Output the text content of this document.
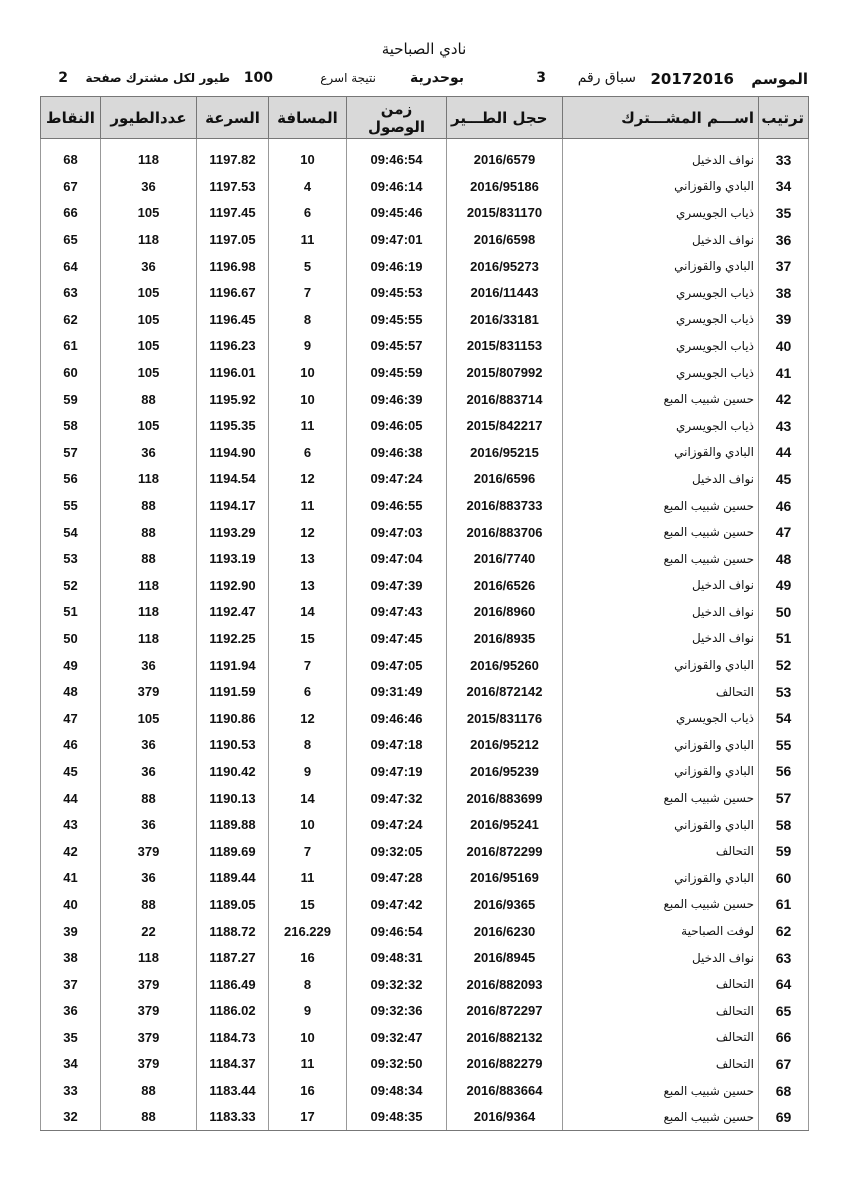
نادي الصباحية
الموسم
20172016
سباق رقم
3
بوحدرية
نتيجة اسرع
100
طيور لكل مشترك صفحة
2
ترتيب	اســـم المشـــترك	حجل الطـــير	زمن الوصول	المسافة	السرعة	عددالطيور	النقاط

33	نواف الدخيل	2016/6579	09:46:54	10	1197.82	118	68
34	البادي والقوزاني	2016/95186	09:46:14	4	1197.53	36	67
35	ذياب الجويسري	2015/831170	09:45:46	6	1197.45	105	66
36	نواف الدخيل	2016/6598	09:47:01	11	1197.05	118	65
37	البادي والقوزاني	2016/95273	09:46:19	5	1196.98	36	64
38	ذياب الجويسري	2016/11443	09:45:53	7	1196.67	105	63
39	ذياب الجويسري	2016/33181	09:45:55	8	1196.45	105	62
40	ذياب الجويسري	2015/831153	09:45:57	9	1196.23	105	61
41	ذياب الجويسري	2015/807992	09:45:59	10	1196.01	105	60
42	حسين شبيب المبع	2016/883714	09:46:39	10	1195.92	88	59
43	ذياب الجويسري	2015/842217	09:46:05	11	1195.35	105	58
44	البادي والقوزاني	2016/95215	09:46:38	6	1194.90	36	57
45	نواف الدخيل	2016/6596	09:47:24	12	1194.54	118	56
46	حسين شبيب المبع	2016/883733	09:46:55	11	1194.17	88	55
47	حسين شبيب المبع	2016/883706	09:47:03	12	1193.29	88	54
48	حسين شبيب المبع	2016/7740	09:47:04	13	1193.19	88	53
49	نواف الدخيل	2016/6526	09:47:39	13	1192.90	118	52
50	نواف الدخيل	2016/8960	09:47:43	14	1192.47	118	51
51	نواف الدخيل	2016/8935	09:47:45	15	1192.25	118	50
52	البادي والقوزاني	2016/95260	09:47:05	7	1191.94	36	49
53	التحالف	2016/872142	09:31:49	6	1191.59	379	48
54	ذياب الجويسري	2015/831176	09:46:46	12	1190.86	105	47
55	البادي والقوزاني	2016/95212	09:47:18	8	1190.53	36	46
56	البادي والقوزاني	2016/95239	09:47:19	9	1190.42	36	45
57	حسين شبيب المبع	2016/883699	09:47:32	14	1190.13	88	44
58	البادي والقوزاني	2016/95241	09:47:24	10	1189.88	36	43
59	التحالف	2016/872299	09:32:05	7	1189.69	379	42
60	البادي والقوزاني	2016/95169	09:47:28	11	1189.44	36	41
61	حسين شبيب المبع	2016/9365	09:47:42	15	1189.05	88	40
62	لوفت الصباحية	2016/6230	09:46:54	216.229	1188.72	22	39
63	نواف الدخيل	2016/8945	09:48:31	16	1187.27	118	38
64	التحالف	2016/882093	09:32:32	8	1186.49	379	37
65	التحالف	2016/872297	09:32:36	9	1186.02	379	36
66	التحالف	2016/882132	09:32:47	10	1184.73	379	35
67	التحالف	2016/882279	09:32:50	11	1184.37	379	34
68	حسين شبيب المبع	2016/883664	09:48:34	16	1183.44	88	33
69	حسين شبيب المبع	2016/9364	09:48:35	17	1183.33	88	32
